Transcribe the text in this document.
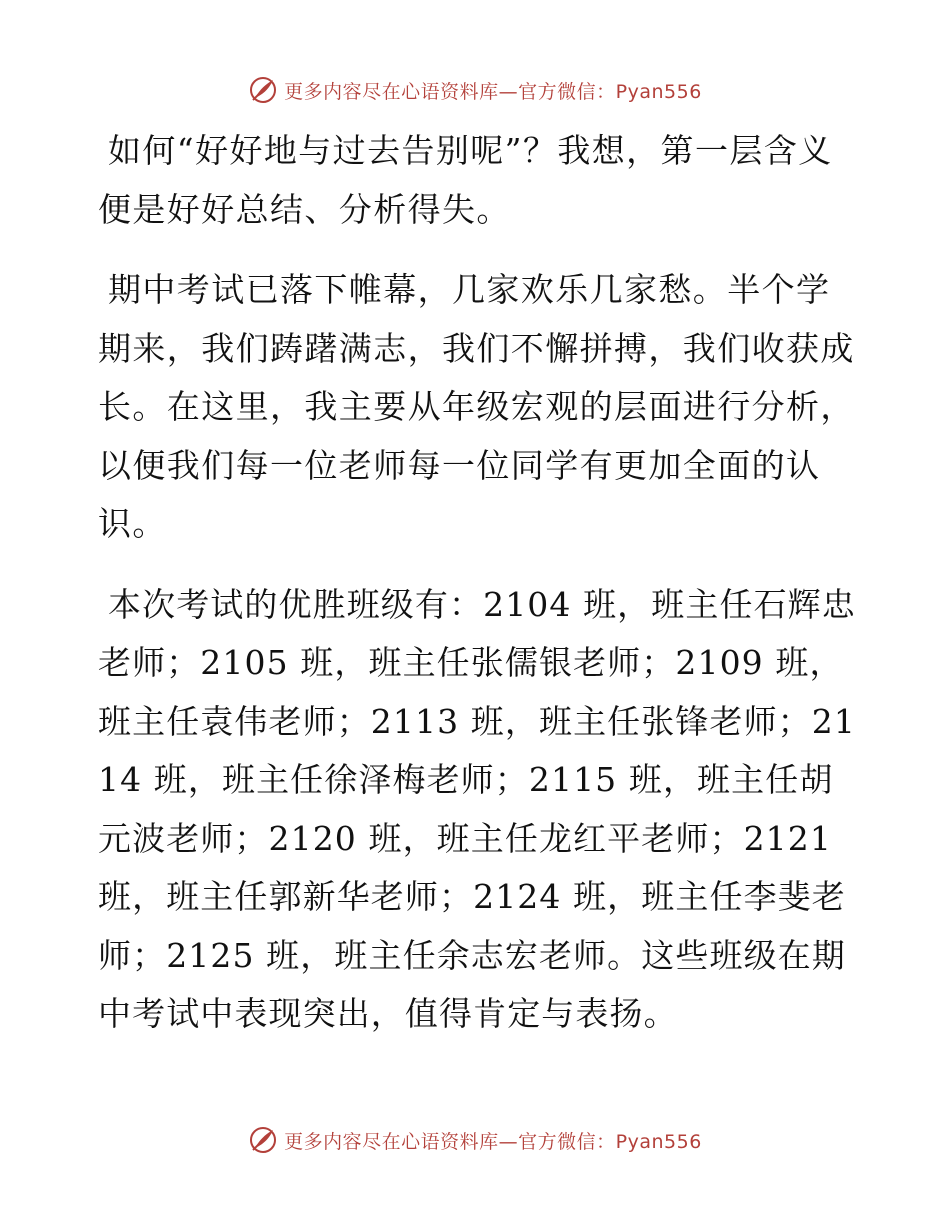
更多内容尽在心语资料库—官方微信：Pyan556

如何“好好地与过去告别呢”？我想，第一层含义便是好好总结、分析得失。

期中考试已落下帷幕，几家欢乐几家愁。半个学期来，我们踌躇满志，我们不懈拼搏，我们收获成长。在这里，我主要从年级宏观的层面进行分析，以便我们每一位老师每一位同学有更加全面的认识。

本次考试的优胜班级有：2104 班，班主任石辉忠老师；2105 班，班主任张儒银老师；2109 班，班主任袁伟老师；2113 班，班主任张锋老师；2114 班，班主任徐泽梅老师；2115 班，班主任胡元波老师；2120 班，班主任龙红平老师；2121 班，班主任郭新华老师；2124 班，班主任李斐老师；2125 班，班主任余志宏老师。这些班级在期中考试中表现突出，值得肯定与表扬。

更多内容尽在心语资料库—官方微信：Pyan556
